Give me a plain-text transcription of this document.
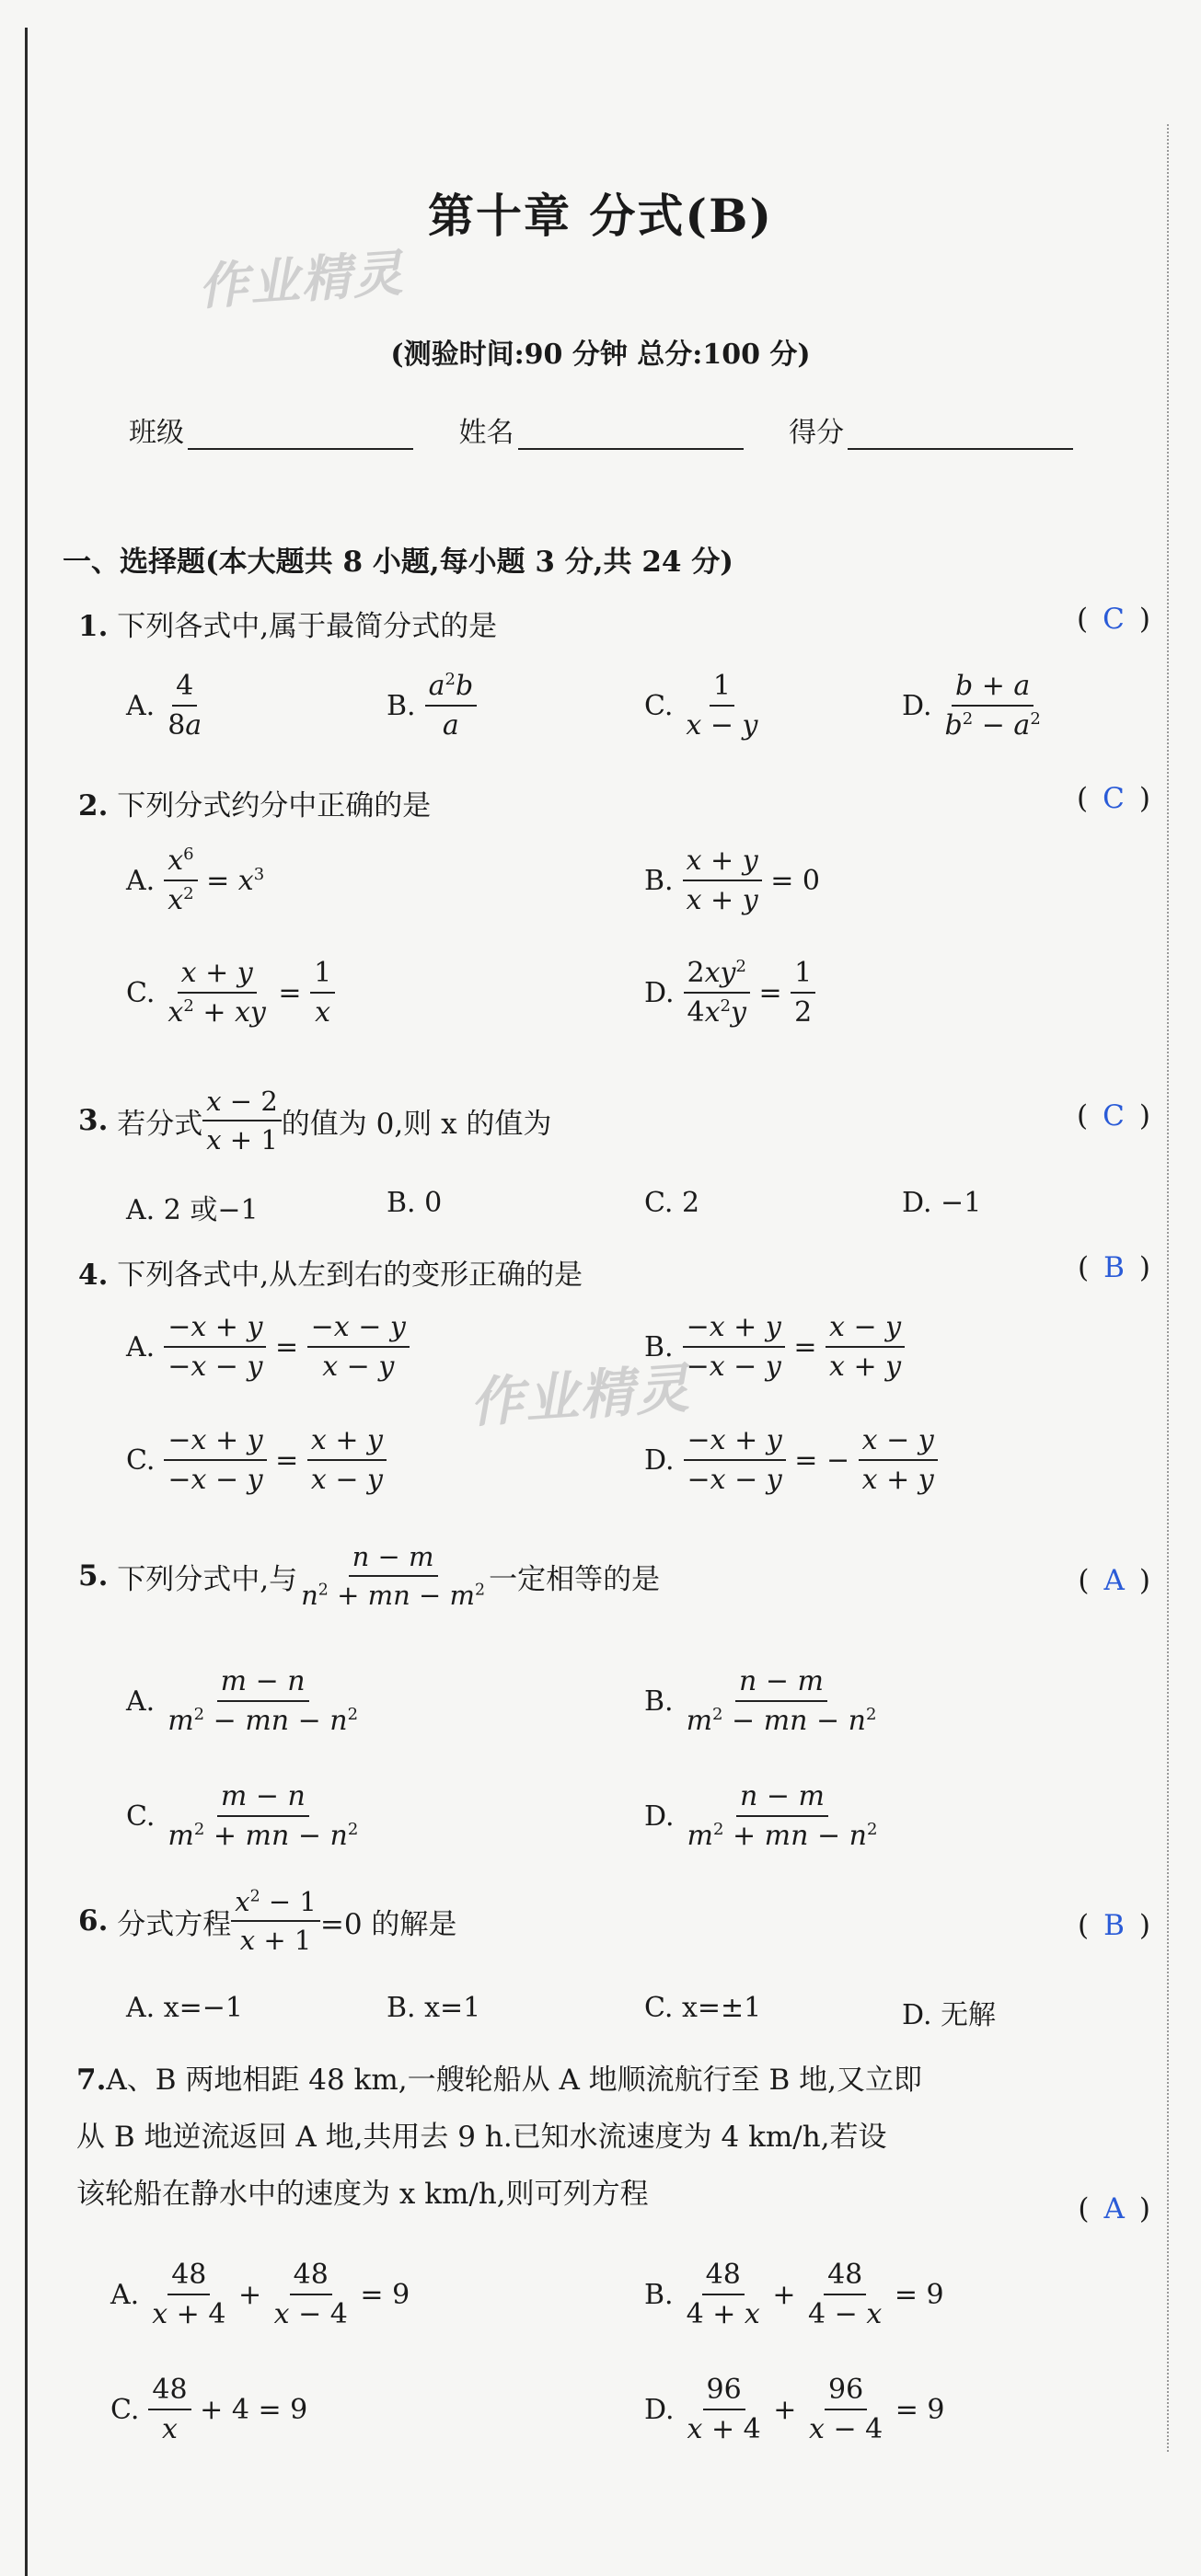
作业精灵
作业精灵
第十章 分式(B)
(测验时间:90 分钟 总分:100 分)
班级	姓名	得分
一、选择题(本大题共 8 小题,每小题 3 分,共 24 分)
1. 下列各式中,属于最简分式的是	( C )
A. $\frac{4}{8a}$	B. $\frac{a^2b}{a}$	C. $\frac{1}{x - y}$	D. $\frac{b + a}{b^2 - a^2}$
2. 下列分式约分中正确的是	( C )
A. $\frac{x^6}{x^2} = x^3$	B. $\frac{x + y}{x + y} = 0$
C. $\frac{x + y}{x^2 + xy} = \frac{1}{x}$	D. $\frac{2xy^2}{4x^2y} = \frac{1}{2}$
3.
若分式 $\frac{x - 2}{x + 1}$ 的值为 0,则 x 的值为	( C )
A. 2 或−1	B. 0	C. 2	D. −1
4. 下列各式中,从左到右的变形正确的是	( B )
A. $\frac{-x + y}{-x - y} = \frac{-x - y}{x - y}$	B. $\frac{-x + y}{-x - y} = \frac{x - y}{x + y}$
C. $\frac{-x + y}{-x - y} = \frac{x + y}{x - y}$	D. $\frac{-x + y}{-x - y}$ = − $\frac{x - y}{x + y}$
5.
下列分式中,与 $\frac{n - m}{n^2 + mn - m^2}$ 一定相等的是	( A )
A. $\frac{m - n}{m^2 - mn - n^2}$	B. $\frac{n - m}{m^2 - mn - n^2}$
C. $\frac{m - n}{m^2 + mn - n^2}$	D. $\frac{n - m}{m^2 + mn - n^2}$
6.
分式方程 $\frac{x^2 - 1}{x + 1} =0$ 的解是	( B )
A. x=−1	B. x=1	C. x=±1	D. 无解
7.A、B 两地相距 48 km,一艘轮船从 A 地顺流航行至 B 地,又立即
从 B 地逆流返回 A 地,共用去 9 h.已知水流速度为 4 km/h,若设
该轮船在静水中的速度为 x km/h,则可列方程	( A )
A. $\frac{48}{x + 4} + \frac{48}{x - 4} = 9$	B. $\frac{48}{4 + x} + \frac{48}{4 - x} = 9$
C. $\frac{48}{x} + 4 = 9$	D. $\frac{96}{x + 4} + \frac{96}{x - 4} = 9$
